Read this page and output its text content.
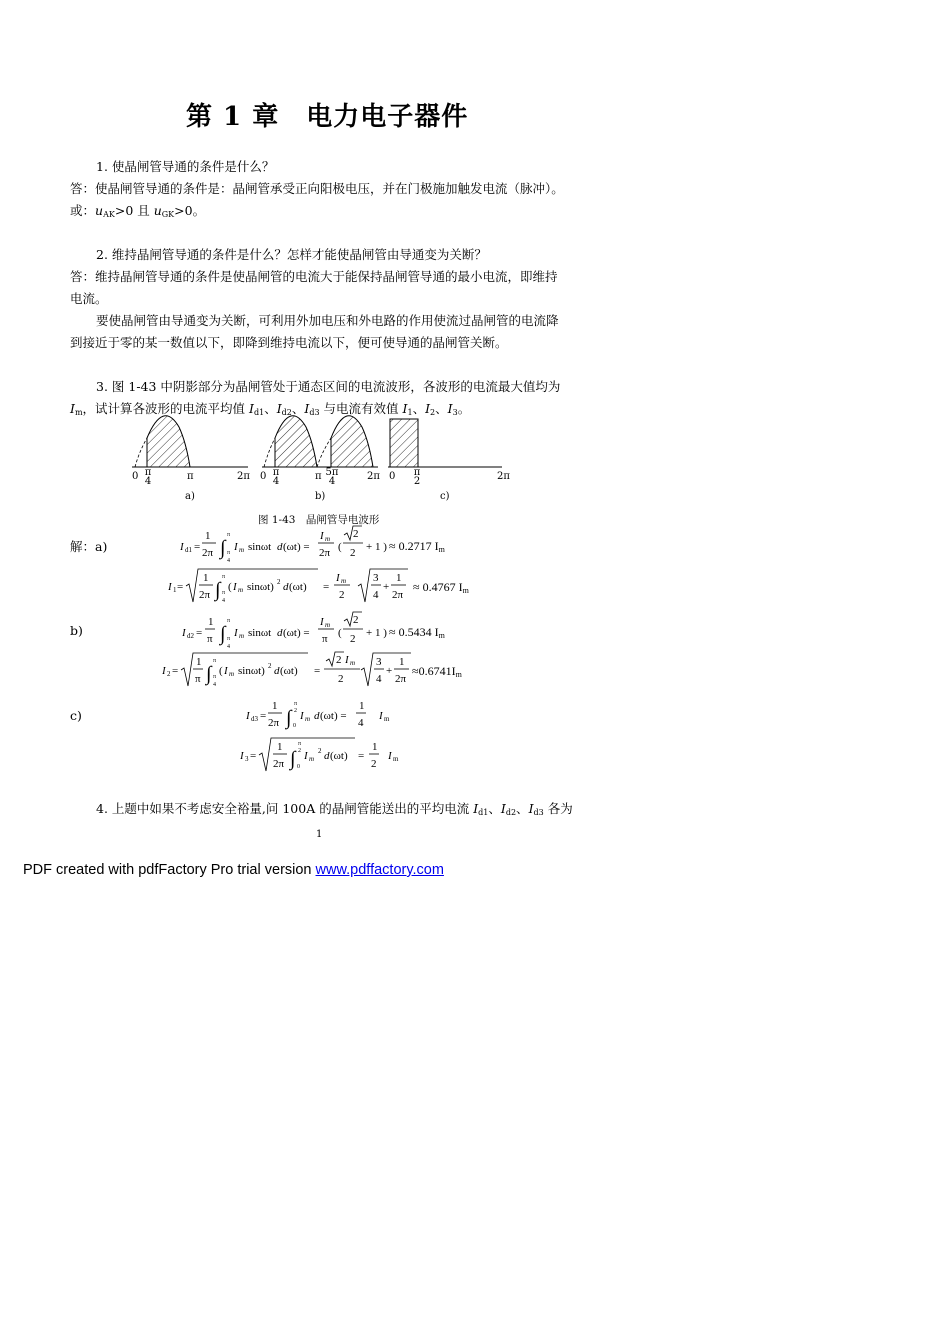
第 1 章　电力电子器件
1. 使晶闸管导通的条件是什么？
答：使晶闸管导通的条件是：晶闸管承受正向阳极电压，并在门极施加触发电流（脉冲）。
或：$u_{AK}>0$ 且 $u_{GK}>0$。
2. 维持晶闸管导通的条件是什么？怎样才能使晶闸管由导通变为关断？
答：维持晶闸管导通的条件是使晶闸管的电流大于能保持晶闸管导通的最小电流，即维持
电流。
要使晶闸管由导通变为关断，可利用外加电压和外电路的作用使流过晶闸管的电流降
到接近于零的某一数值以下，即降到维持电流以下，便可使导通的晶闸管关断。
3. 图 1-43 中阴影部分为晶闸管处于通态区间的电流波形，各波形的电流最大值均为
$I_m$，试计算各波形的电流平均值 $I_{d1}$、$I_{d2}$、$I_{d3}$ 与电流有效值 $I_1$、$I_2$、$I_3$。
0 π
4	π	2π 0 π
4	π 5π
4	2π 0 π
2	2π
a)	b)	c)
图 1-43　晶闸管导电波形
解：a)
b)
c)
I d1 =
1
2π ∫
π
π
4
I m sinωt d (ωt) =
I m
2π (
2
2 + 1 ) ≈ 0.2717 $I_m$
I 1 =
1
2π ∫
π
π
4
( I m sinωt) 2 d (ωt) =
I m
2
3
4
+
1
2π
≈ 0.4767 $I_m$
I d2 =
1
π ∫
π
π
4
I m sinωt d (ωt) =
I m
π (
2
2 + 1 ) ≈ 0.5434 $I_m$
I 2 =
1
π ∫
π
π
4
( I m sinωt) 2 d (ωt) =
2 I m
2
3
4
+
1
2π
$\approx 0.6741I_m$
I d3 =
1
2π ∫
π
2
0
I m d (ωt) =
1
4
I m
I 3 =
1
2π ∫
π
2
0
I m
2 d (ωt) =
1
2
I m
4. 上题中如果不考虑安全裕量,问 100A 的晶闸管能送出的平均电流 $I_{d1}$、$I_{d2}$、$I_{d3}$ 各为
1
PDF created with pdfFactory Pro trial version www.pdffactory.com
